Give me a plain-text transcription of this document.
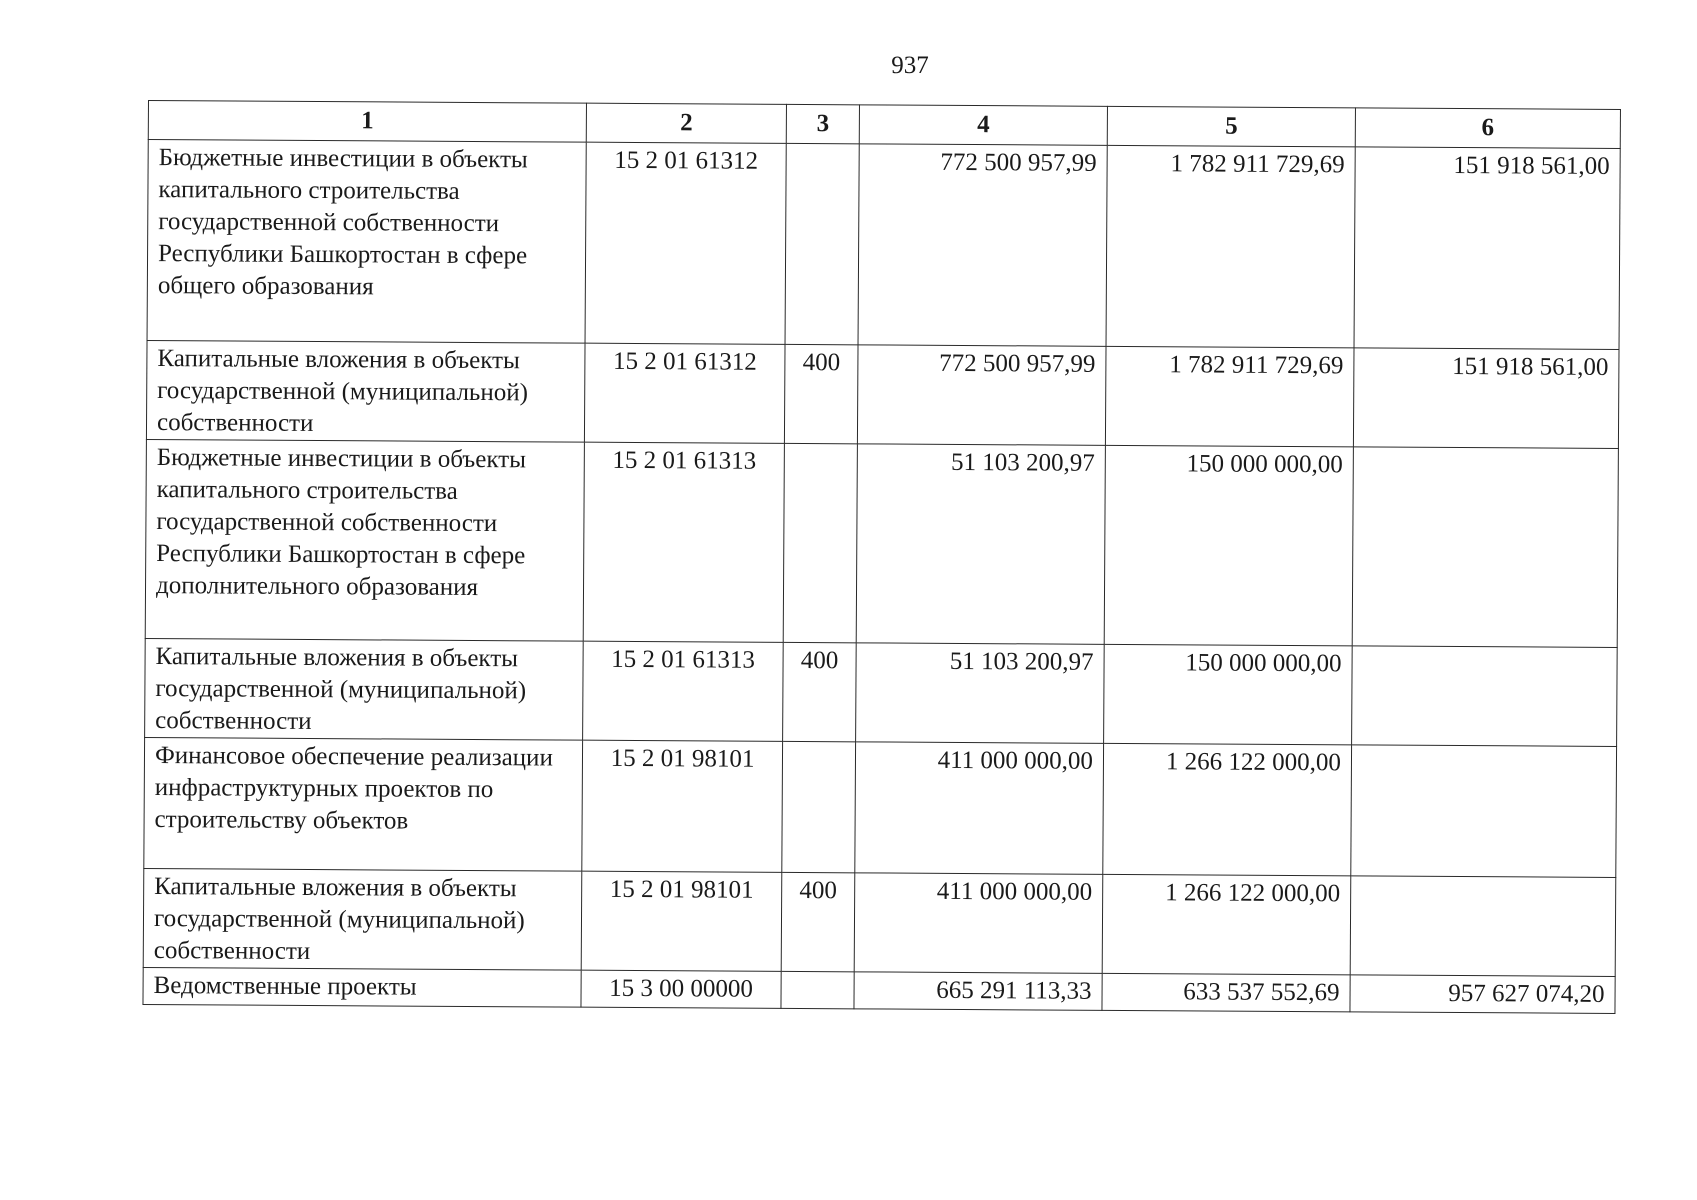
937
1	2	3	4	5	6
Бюджетные инвестиции в объекты капитального строительства государственной собственности Республики Башкортостан в сфере общего образования	15 2 01 61312		772 500 957,99	1 782 911 729,69	151 918 561,00
Капитальные вложения в объекты государственной (муниципальной) собственности	15 2 01 61312	400	772 500 957,99	1 782 911 729,69	151 918 561,00
Бюджетные инвестиции в объекты капитального строительства государственной собственности Республики Башкортостан в сфере дополнительного образования	15 2 01 61313		51 103 200,97	150 000 000,00	
Капитальные вложения в объекты государственной (муниципальной) собственности	15 2 01 61313	400	51 103 200,97	150 000 000,00	
Финансовое обеспечение реализации инфраструктурных проектов по строительству объектов	15 2 01 98101		411 000 000,00	1 266 122 000,00	
Капитальные вложения в объекты государственной (муниципальной) собственности	15 2 01 98101	400	411 000 000,00	1 266 122 000,00	
Ведомственные проекты	15 3 00 00000		665 291 113,33	633 537 552,69	957 627 074,20
